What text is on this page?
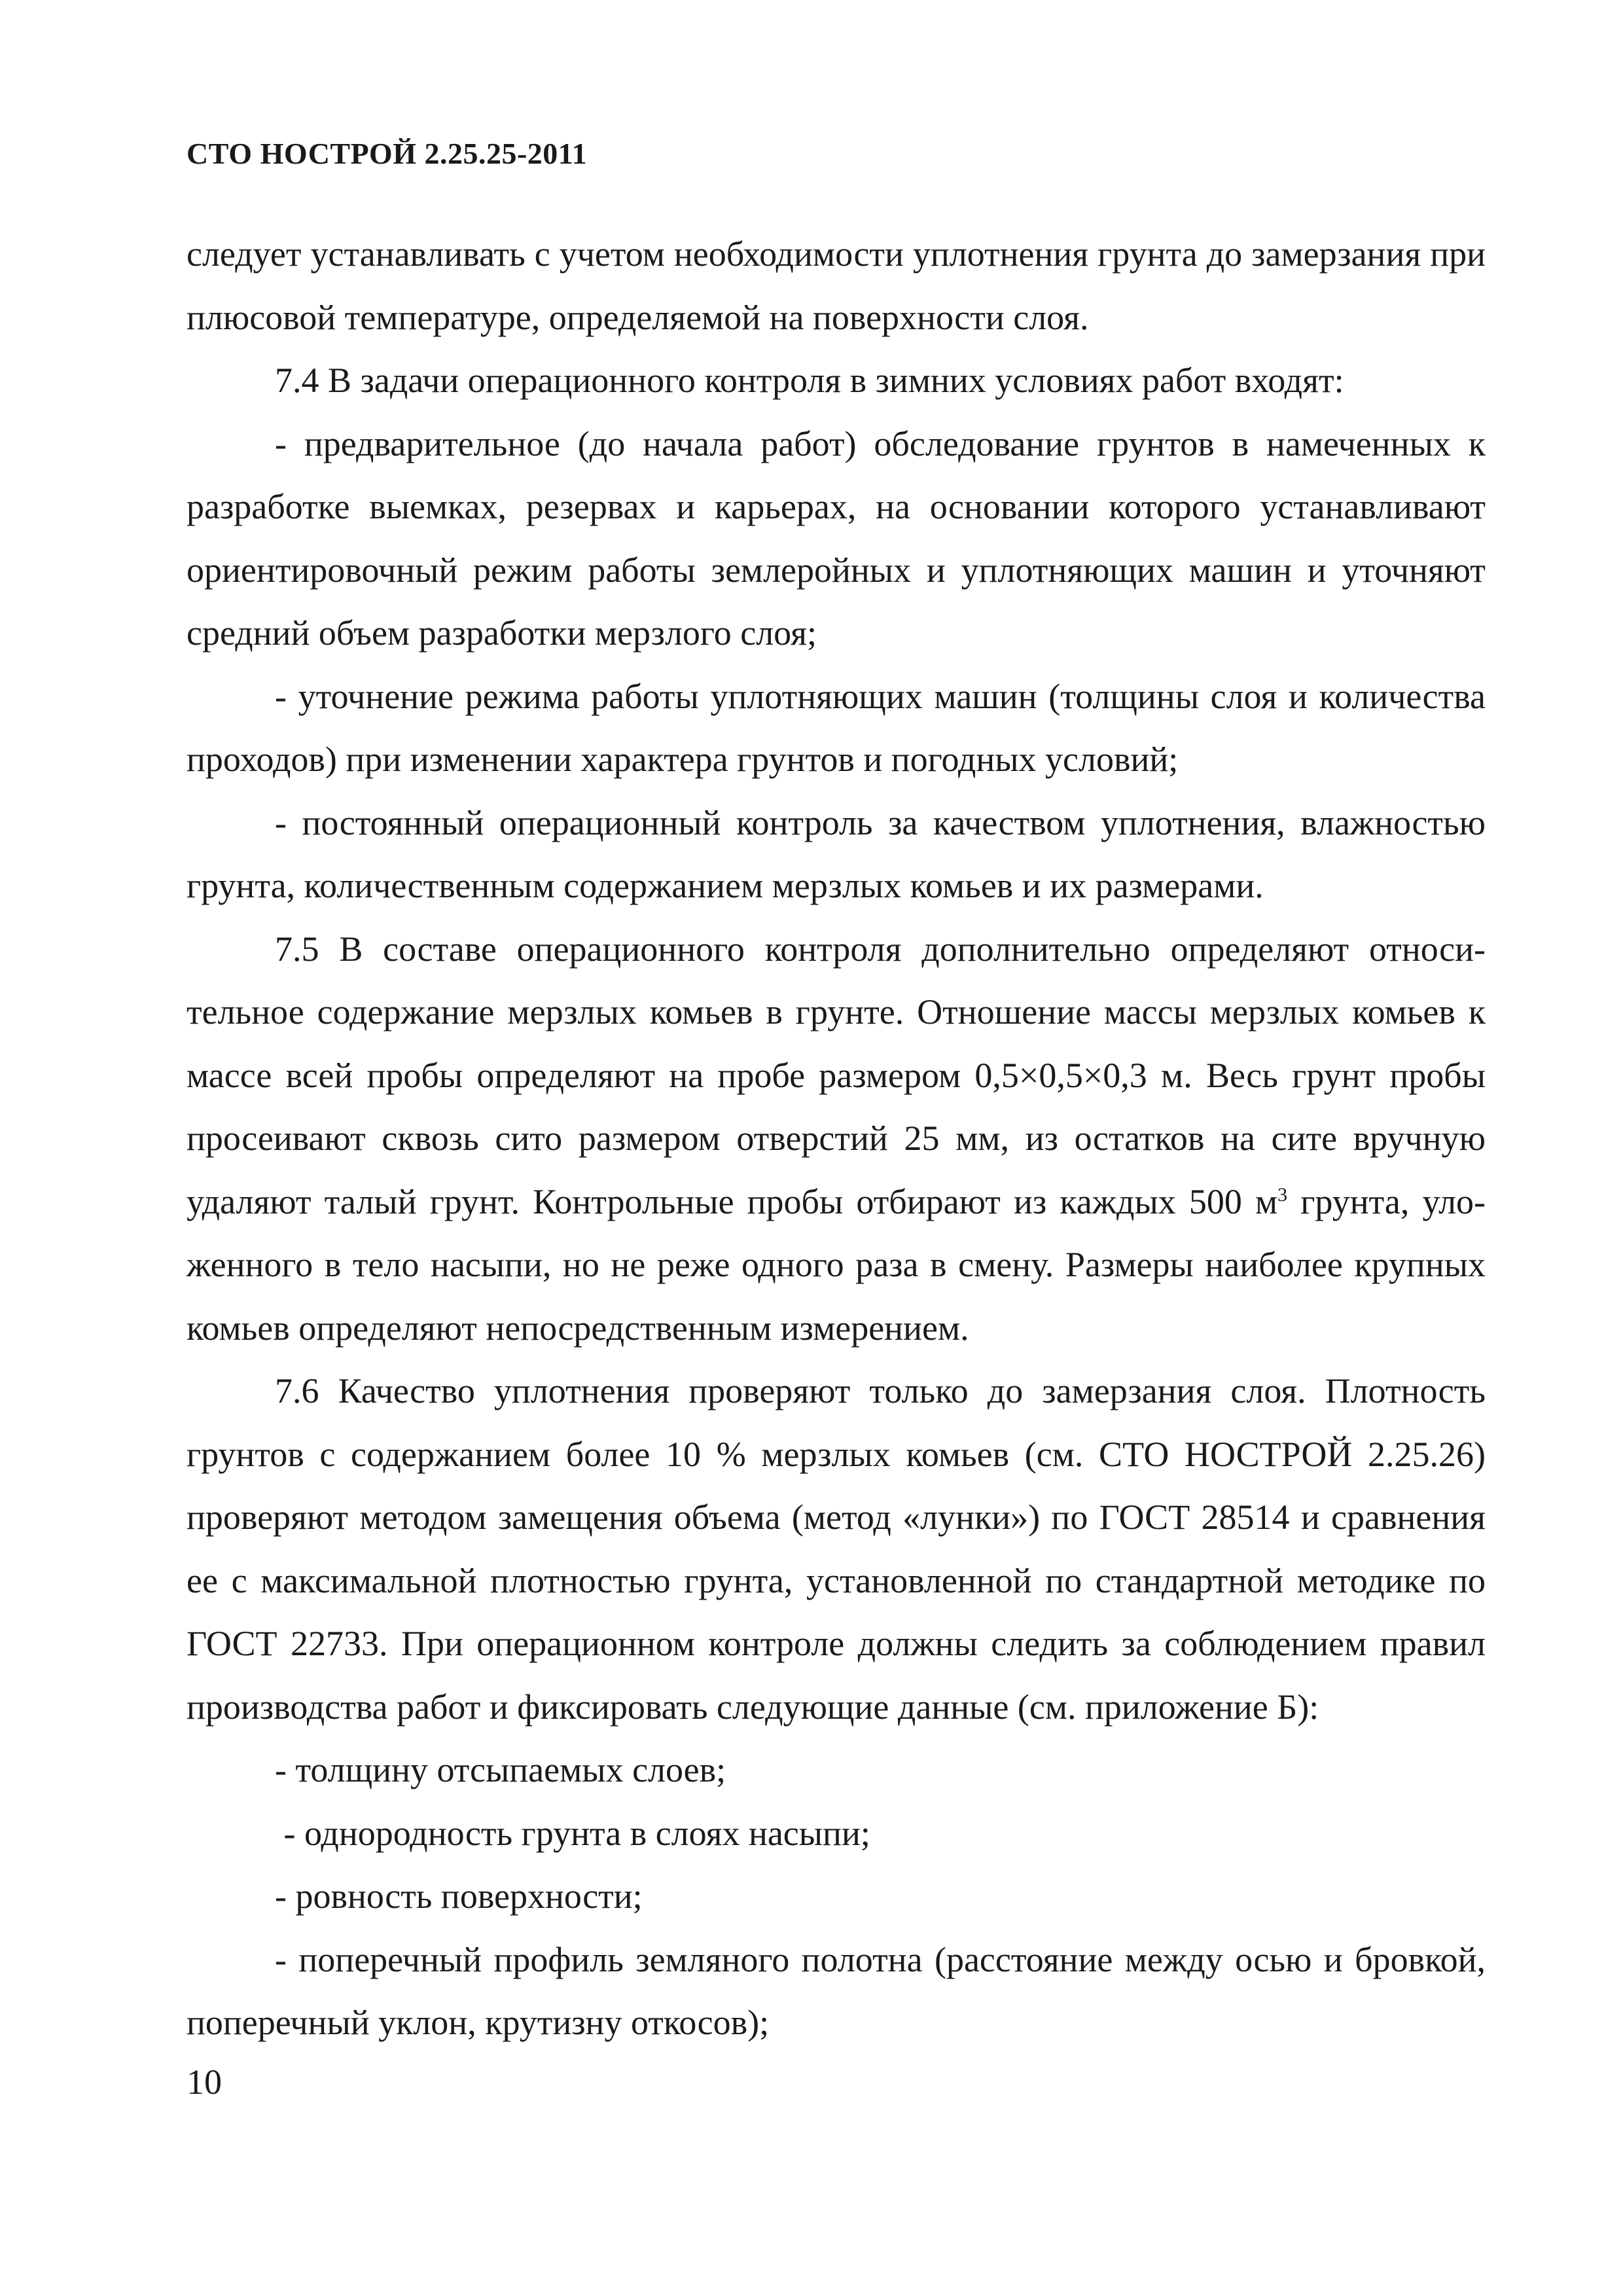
СТО НОСТРОЙ 2.25.25-2011

следует устанавливать с учетом необходимости уплотнения грунта до замерзания при плюсовой температуре, определяемой на поверхности слоя.

7.4 В задачи операционного контроля в зимних условиях работ входят:

- предварительное (до начала работ) обследование грунтов в намеченных к разработке выемках, резервах и карьерах, на основании которого устанавливают ориентировочный режим работы землеройных и уплотняющих машин и уточняют средний объем разработки мерзлого слоя;

- уточнение режима работы уплотняющих машин (толщины слоя и количества проходов) при изменении характера грунтов и погодных условий;

- постоянный операционный контроль за качеством уплотнения, влажностью грунта, количественным содержанием мерзлых комьев и их размерами.

7.5 В составе операционного контроля дополнительно определяют относительное содержание мерзлых комьев в грунте. Отношение массы мерзлых комьев к массе всей пробы определяют на пробе размером 0,5×0,5×0,3 м. Весь грунт пробы просеивают сквозь сито размером отверстий 25 мм, из остатков на сите вручную удаляют талый грунт. Контрольные пробы отбирают из каждых 500 $м^3$ грунта, уложенного в тело насыпи, но не реже одного раза в смену. Размеры наиболее крупных комьев определяют непосредственным измерением.

7.6 Качество уплотнения проверяют только до замерзания слоя. Плотность грунтов с содержанием более 10 % мерзлых комьев (см. СТО НОСТРОЙ 2.25.26) проверяют методом замещения объема (метод «лунки») по ГОСТ 28514 и сравнения ее с максимальной плотностью грунта, установленной по стандартной методике по ГОСТ 22733. При операционном контроле должны следить за соблюдением правил производства работ и фиксировать следующие данные (см. приложение Б):

- толщину отсыпаемых слоев;

- однородность грунта в слоях насыпи;

- ровность поверхности;

- поперечный профиль земляного полотна (расстояние между осью и бровкой, поперечный уклон, крутизну откосов);

10
